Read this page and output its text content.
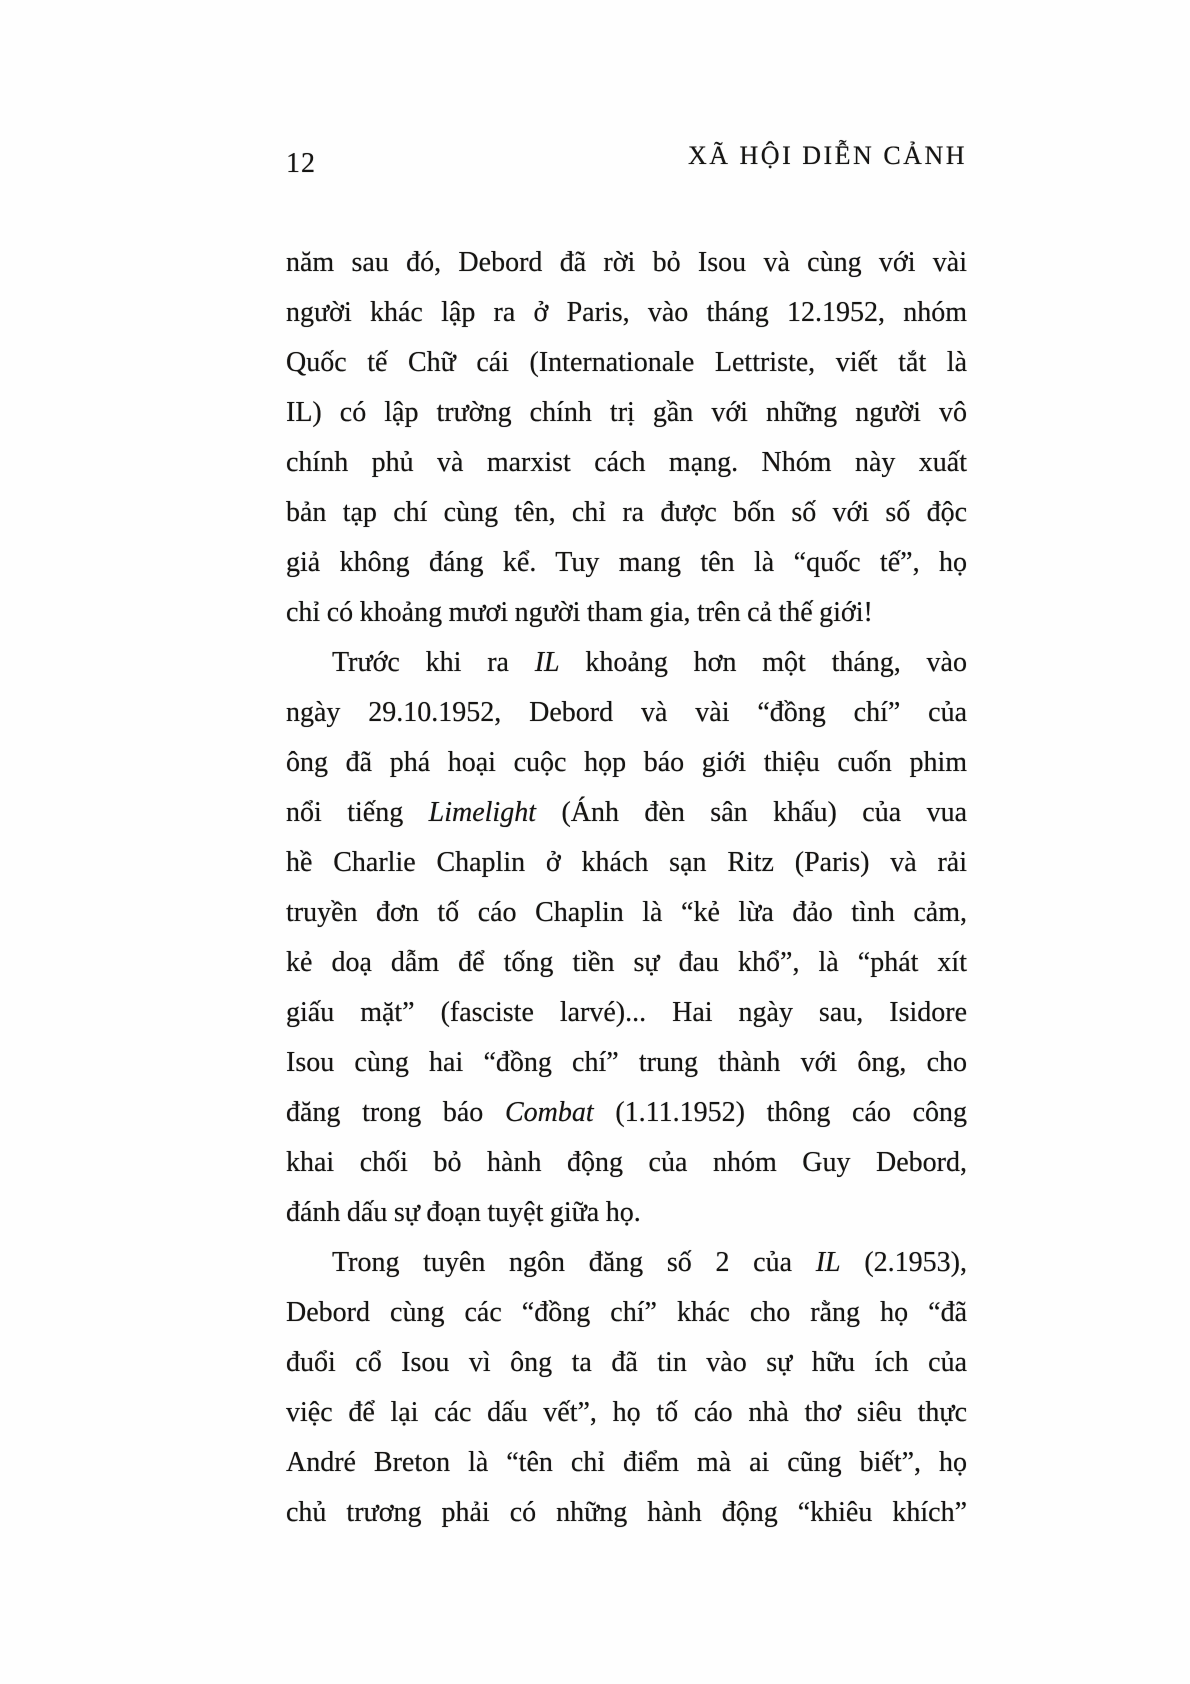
12	XÃ HỘI DIỄN CẢNH
năm sau đó, Debord đã rời bỏ Isou và cùng với vài
người khác lập ra ở Paris, vào tháng 12.1952, nhóm
Quốc tế Chữ cái (Internationale Lettriste, viết tắt là
IL) có lập trường chính trị gần với những người vô
chính phủ và marxist cách mạng. Nhóm này xuất
bản tạp chí cùng tên, chỉ ra được bốn số với số độc
giả không đáng kể. Tuy mang tên là “quốc tế”, họ
chỉ có khoảng mươi người tham gia, trên cả thế giới!
Trước khi ra IL khoảng hơn một tháng, vào
ngày 29.10.1952, Debord và vài “đồng chí” của
ông đã phá hoại cuộc họp báo giới thiệu cuốn phim
nổi tiếng Limelight (Ánh đèn sân khấu) của vua
hề Charlie Chaplin ở khách sạn Ritz (Paris) và rải
truyền đơn tố cáo Chaplin là “kẻ lừa đảo tình cảm,
kẻ doạ dẫm để tống tiền sự đau khổ”, là “phát xít
giấu mặt” (fasciste larvé)... Hai ngày sau, Isidore
Isou cùng hai “đồng chí” trung thành với ông, cho
đăng trong báo Combat (1.11.1952) thông cáo công
khai chối bỏ hành động của nhóm Guy Debord,
đánh dấu sự đoạn tuyệt giữa họ.
Trong tuyên ngôn đăng số 2 của IL (2.1953),
Debord cùng các “đồng chí” khác cho rằng họ “đã
đuổi cổ Isou vì ông ta đã tin vào sự hữu ích của
việc để lại các dấu vết”, họ tố cáo nhà thơ siêu thực
André Breton là “tên chỉ điểm mà ai cũng biết”, họ
chủ trương phải có những hành động “khiêu khích”
